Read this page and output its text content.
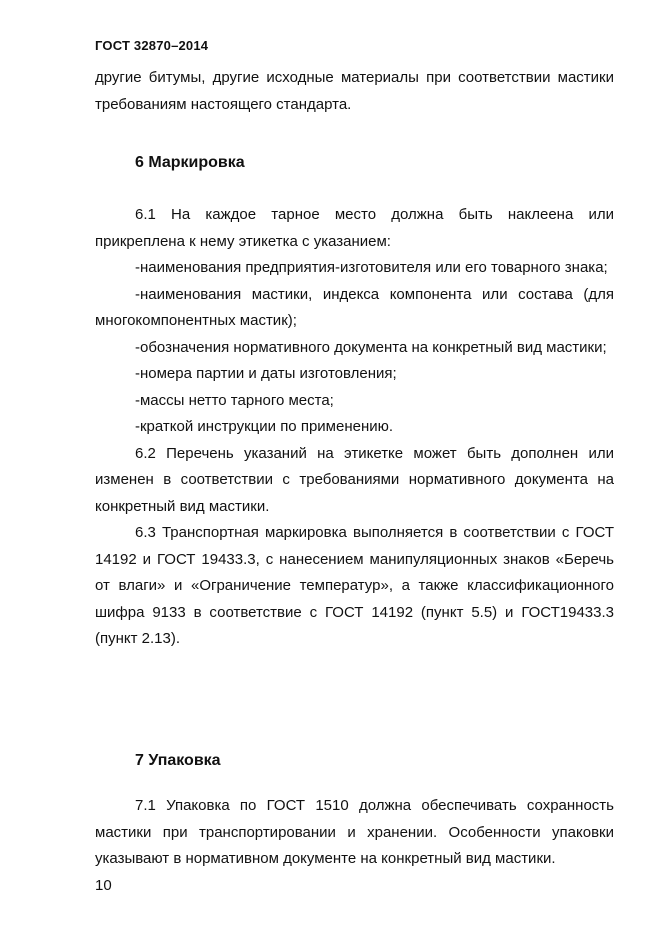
ГОСТ 32870–2014

другие битумы, другие исходные материалы при соответствии мастики требованиям настоящего стандарта.

6 Маркировка

6.1 На каждое тарное место должна быть наклеена или прикреплена к нему этикетка с указанием:

-наименования предприятия-изготовителя или его товарного знака;

-наименования мастики, индекса компонента или состава (для многокомпонентных мастик);

-обозначения нормативного документа на конкретный вид мастики;

-номера партии и даты изготовления;

-массы нетто тарного места;

-краткой инструкции по применению.

6.2 Перечень указаний на этикетке может быть дополнен или изменен в соответствии с требованиями нормативного документа на конкретный вид мастики.

6.3 Транспортная маркировка выполняется в соответствии с ГОСТ 14192 и ГОСТ 19433.3, с нанесением манипуляционных знаков «Беречь от влаги» и «Ограничение температур», а также классификационного шифра 9133 в соответствие с ГОСТ 14192 (пункт 5.5) и ГОСТ19433.3 (пункт 2.13).

7 Упаковка

7.1 Упаковка по ГОСТ 1510 должна обеспечивать сохранность мастики при транспортировании и хранении. Особенности упаковки указывают в нормативном документе на конкретный вид мастики.

10
